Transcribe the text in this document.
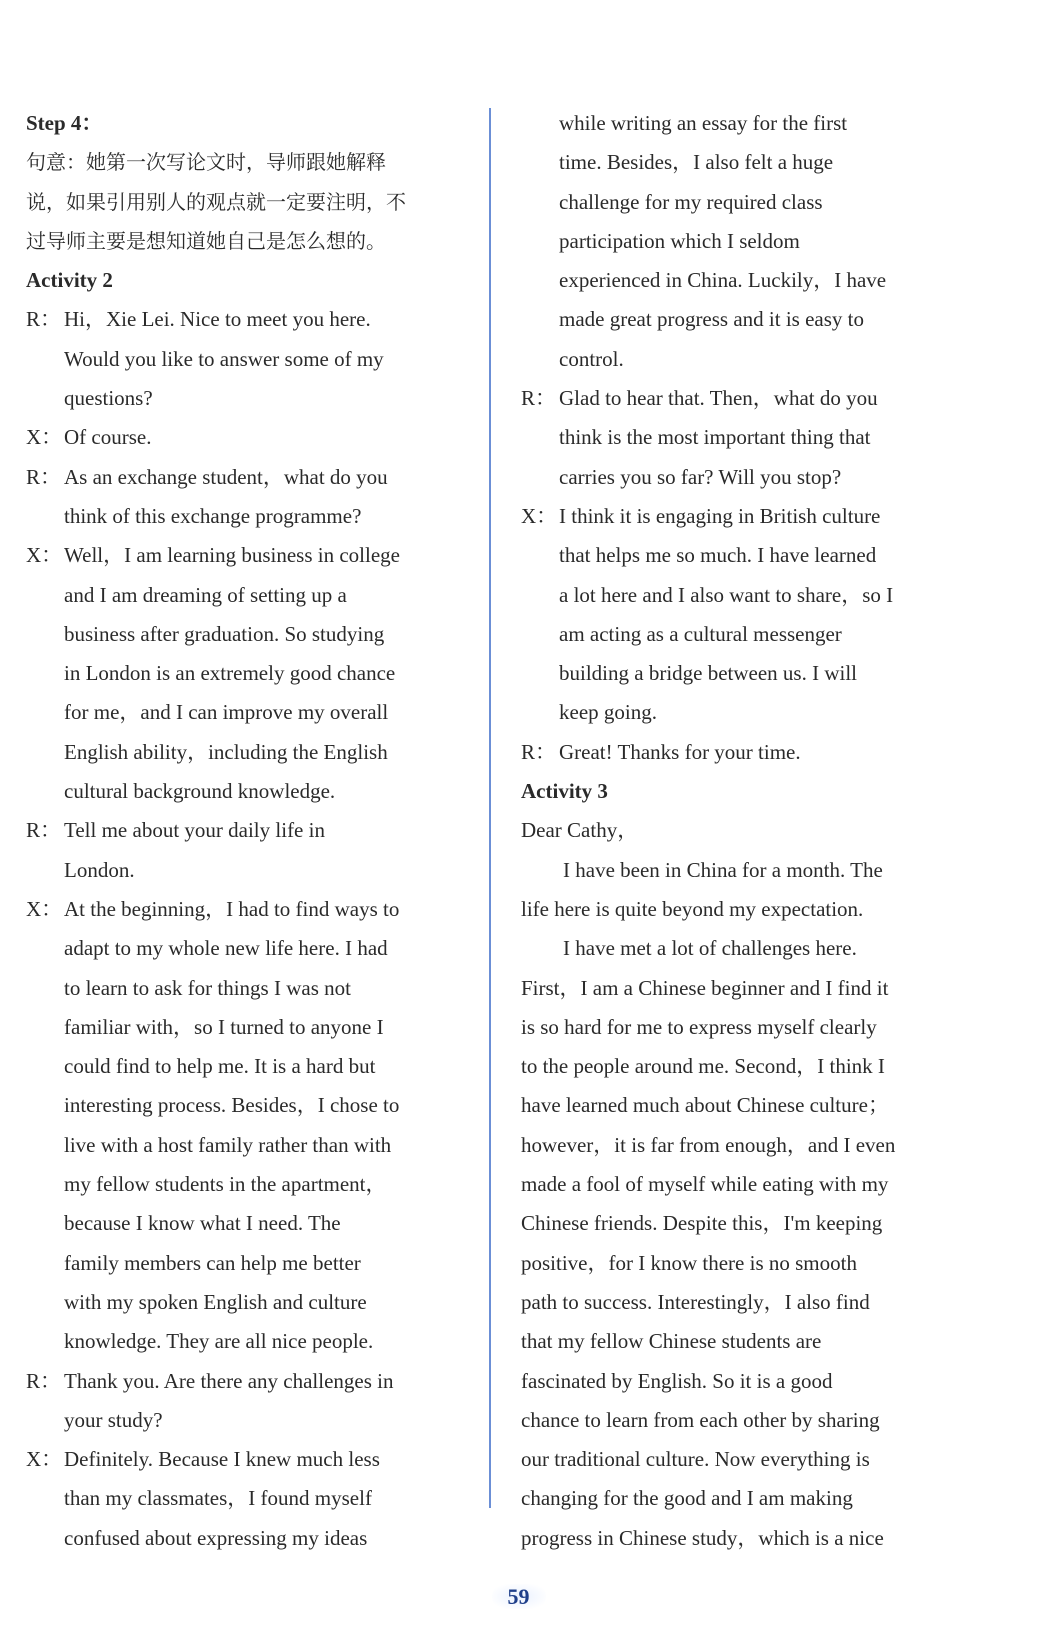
Step 4：
句意：她第一次写论文时，导师跟她解释
说，如果引用别人的观点就一定要注明，不
过导师主要是想知道她自己是怎么想的。
Activity 2
R： Hi，Xie Lei. Nice to meet you here.
Would you like to answer some of my
questions?
X：Of course.
R： As an exchange student，what do you
think of this exchange programme?
X：Well，I am learning business in college
and I am dreaming of setting up a
business after graduation. So studying
in London is an extremely good chance
for me，and I can improve my overall
English ability，including the English
cultural background knowledge.
R： Tell me about your daily life in
London.
X：At the beginning，I had to find ways to
adapt to my whole new life here. I had
to learn to ask for things I was not
familiar with，so I turned to anyone I
could find to help me. It is a hard but
interesting process. Besides，I chose to
live with a host family rather than with
my fellow students in the apartment，
because I know what I need. The
family members can help me better
with my spoken English and culture
knowledge. They are all nice people.
R： Thank you. Are there any challenges in
your study?
X：Definitely. Because I knew much less
than my classmates，I found myself
confused about expressing my ideas
while writing an essay for the first
time. Besides，I also felt a huge
challenge for my required class
participation which I seldom
experienced in China. Luckily，I have
made great progress and it is easy to
control.
R： Glad to hear that. Then，what do you
think is the most important thing that
carries you so far? Will you stop?
X：I think it is engaging in British culture
that helps me so much. I have learned
a lot here and I also want to share，so I
am acting as a cultural messenger
building a bridge between us. I will
keep going.
R： Great! Thanks for your time.
Activity 3
Dear Cathy，
I have been in China for a month. The
life here is quite beyond my expectation.
I have met a lot of challenges here.
First，I am a Chinese beginner and I find it
is so hard for me to express myself clearly
to the people around me. Second，I think I
have learned much about Chinese culture；
however，it is far from enough，and I even
made a fool of myself while eating with my
Chinese friends. Despite this，I'm keeping
positive，for I know there is no smooth
path to success. Interestingly，I also find
that my fellow Chinese students are
fascinated by English. So it is a good
chance to learn from each other by sharing
our traditional culture. Now everything is
changing for the good and I am making
progress in Chinese study，which is a nice
59
